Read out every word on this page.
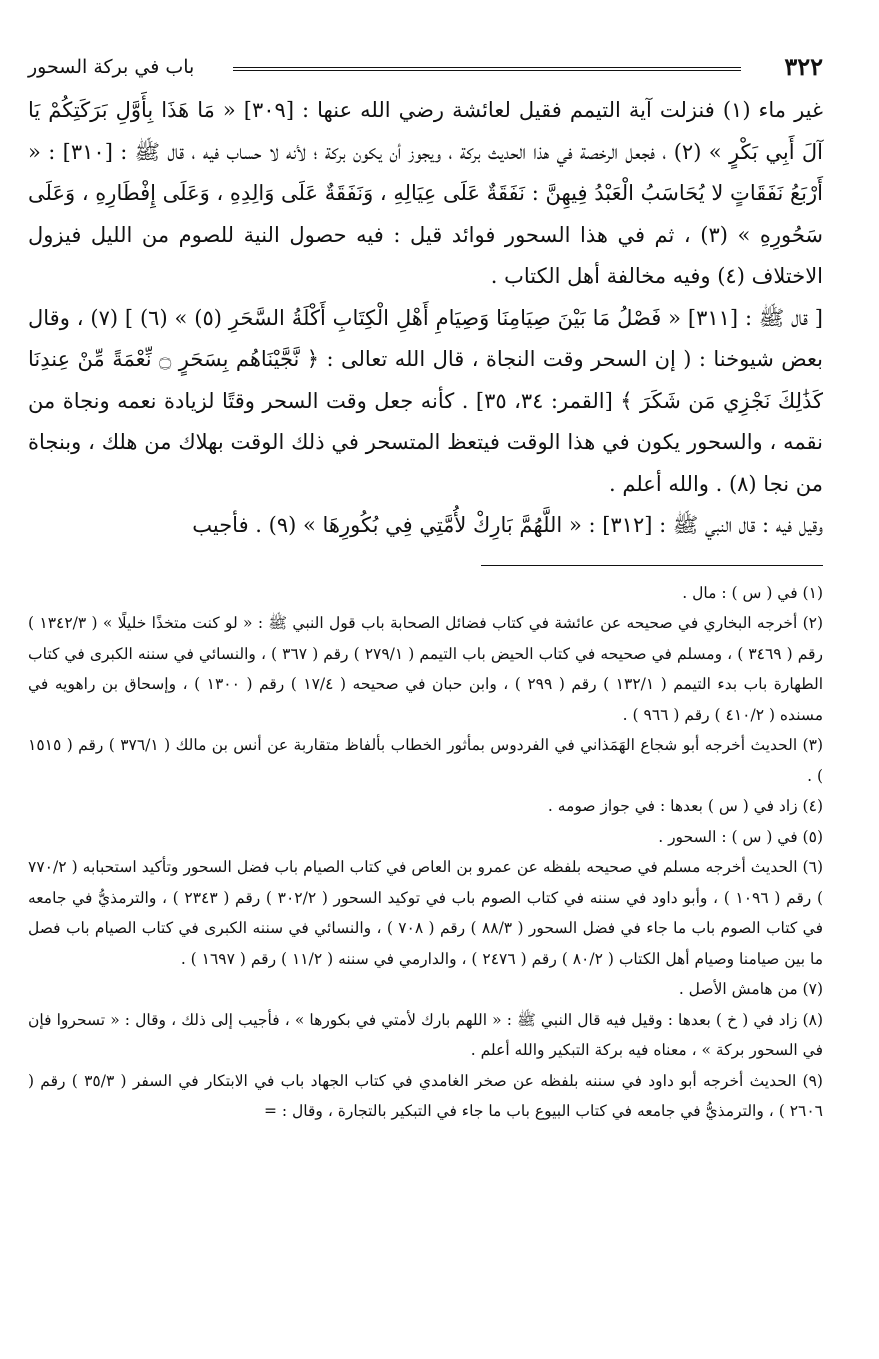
٣٢٢
باب في بركة السحور

غير ماء (١) فنزلت آية التيمم فقيل لعائشة رضي الله عنها : [٣٠٩] « مَا هَذَا بِأَوَّلِ بَرَكَتِكُمْ يَا آلَ أَبِي بَكْرٍ » (٢) ، فجعل الرخصة في هذا الحديث بركة ، ويجوز أن يكون بركة ؛ لأنه لا حساب فيه ، قال ﷺ : [٣١٠] : « أَرْبَعُ نَفَقَاتٍ لا يُحَاسَبُ الْعَبْدُ فِيهِنَّ : نَفَقَةٌ عَلَى عِيَالِهِ ، وَنَفَقَةٌ عَلَى وَالِدِهِ ، وَعَلَى إِفْطَارِهِ ، وَعَلَى سَحُورِهِ » (٣) ، ثم في هذا السحور فوائد قيل : فيه حصول النية للصوم من الليل فيزول الاختلاف (٤) وفيه مخالفة أهل الكتاب .

[ قال ﷺ : [٣١١] « فَصْلُ مَا بَيْنَ صِيَامِنَا وَصِيَامِ أَهْلِ الْكِتَابِ أَكْلَةُ السَّحَرِ (٥) » (٦) ] (٧) ، وقال بعض شيوخنا : ( إن السحر وقت النجاة ، قال الله تعالى : ﴿ نَّجَّيْنَاهُم بِسَحَرٍ ۝ نِّعْمَةً مِّنْ عِندِنَا كَذَٰلِكَ نَجْزِي مَن شَكَرَ ﴾ [القمر: ٣٤، ٣٥] . كأنه جعل وقت السحر وقتًا لزيادة نعمه ونجاة من نقمه ، والسحور يكون في هذا الوقت فيتعظ المتسحر في ذلك الوقت بهلاك من هلك ، وبنجاة من نجا (٨) . والله أعلم .

وقيل فيه : قال النبي ﷺ : [٣١٢] : « اللَّهُمَّ بَارِكْ لأُمَّتِي فِي بُكُورِهَا » (٩) . فأجيب

(١) في ( س ) : مال .

(٢) أخرجه البخاري في صحيحه عن عائشة في كتاب فضائل الصحابة باب قول النبي ﷺ : « لو كنت متخذًا خليلًا » ( ١٣٤٢/٣ ) رقم ( ٣٤٦٩ ) ، ومسلم في صحيحه في كتاب الحيض باب التيمم ( ٢٧٩/١ ) رقم ( ٣٦٧ ) ، والنسائي في سننه الكبرى في كتاب الطهارة باب بدء التيمم ( ١٣٢/١ ) رقم ( ٢٩٩ ) ، وابن حبان في صحيحه ( ١٧/٤ ) رقم ( ١٣٠٠ ) ، وإسحاق بن راهويه في مسنده ( ٤١٠/٢ ) رقم ( ٩٦٦ ) .

(٣) الحديث أخرجه أبو شجاع الهَمَذاني في الفردوس بمأثور الخطاب بألفاظ متقاربة عن أنس بن مالك ( ٣٧٦/١ ) رقم ( ١٥١٥ ) .

(٤) زاد في ( س ) بعدها : في جواز صومه .

(٥) في ( س ) : السحور .

(٦) الحديث أخرجه مسلم في صحيحه بلفظه عن عمرو بن العاص في كتاب الصيام باب فضل السحور وتأكيد استحبابه ( ٧٧٠/٢ ) رقم ( ١٠٩٦ ) ، وأبو داود في سننه في كتاب الصوم باب في توكيد السحور ( ٣٠٢/٢ ) رقم ( ٢٣٤٣ ) ، والترمذيُّ في جامعه في كتاب الصوم باب ما جاء في فضل السحور ( ٨٨/٣ ) رقم ( ٧٠٨ ) ، والنسائي في سننه الكبرى في كتاب الصيام باب فصل ما بين صيامنا وصيام أهل الكتاب ( ٨٠/٢ ) رقم ( ٢٤٧٦ ) ، والدارمي في سننه ( ١١/٢ ) رقم ( ١٦٩٧ ) .

(٧) من هامش الأصل .

(٨) زاد في ( خ ) بعدها : وقيل فيه قال النبي ﷺ : « اللهم بارك لأمتي في بكورها » ، فأجيب إلى ذلك ، وقال : « تسحروا فإن في السحور بركة » ، معناه فيه بركة التبكير والله أعلم .

(٩) الحديث أخرجه أبو داود في سننه بلفظه عن صخر الغامدي في كتاب الجهاد باب في الابتكار في السفر ( ٣٥/٣ ) رقم ( ٢٦٠٦ ) ، والترمذيُّ في جامعه في كتاب البيوع باب ما جاء في التبكير بالتجارة ، وقال : =
